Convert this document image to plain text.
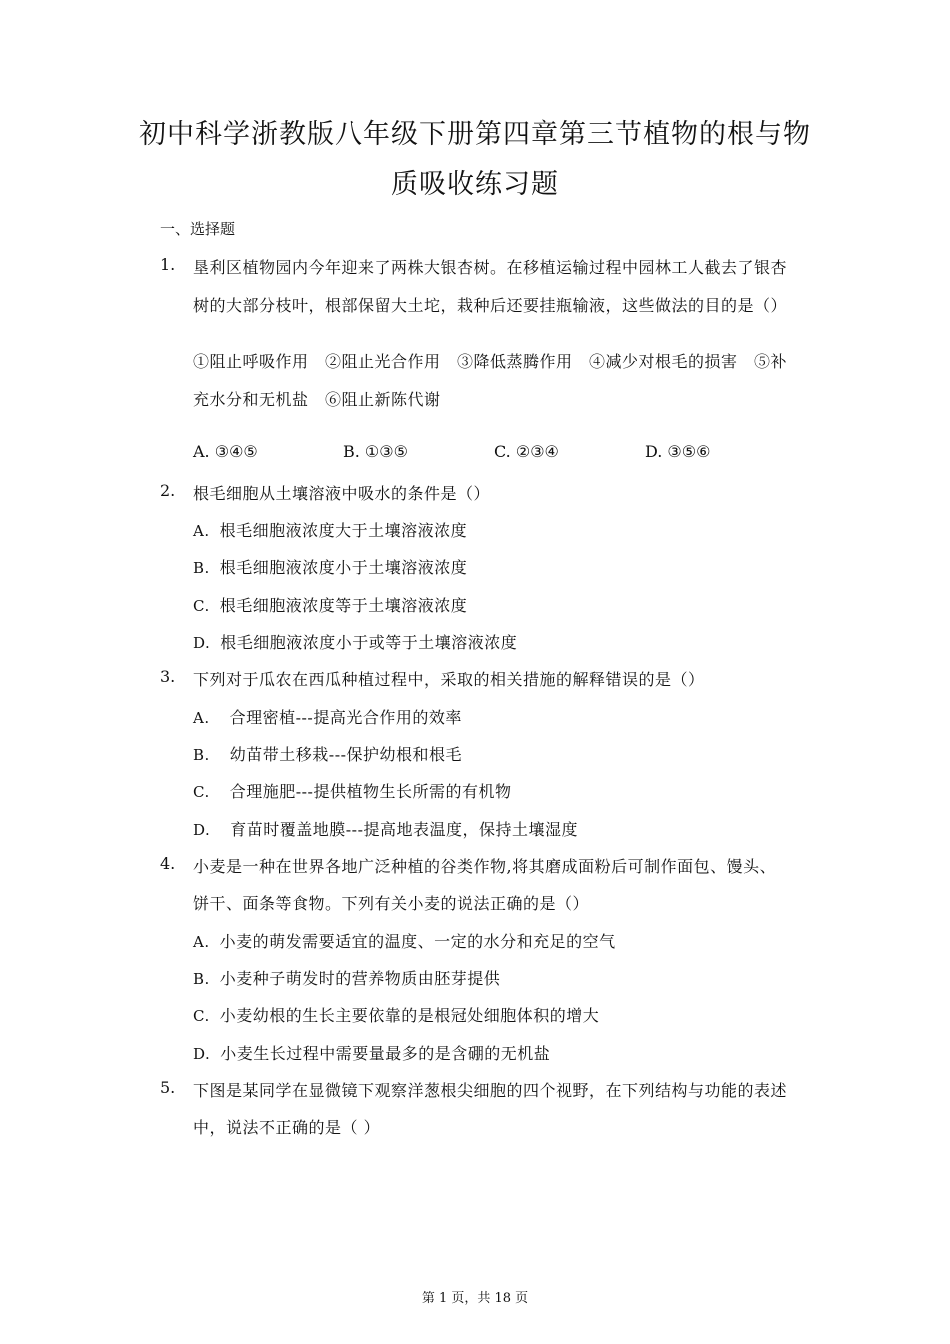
初中科学浙教版八年级下册第四章第三节植物的根与物
质吸收练习题
一、选择题
1. 垦利区植物园内今年迎来了两株大银杏树。在移植运输过程中园林工人截去了银杏
树的大部分枝叶，根部保留大土坨，栽种后还要挂瓶输液，这些做法的目的是（）
①阻止呼吸作用　②阻止光合作用　③降低蒸腾作用　④减少对根毛的损害　⑤补
充水分和无机盐　⑥阻止新陈代谢
A. ③④⑤	B. ①③⑤	C. ②③④	D. ③⑤⑥
2. 根毛细胞从土壤溶液中吸水的条件是（）
A. 根毛细胞液浓度大于土壤溶液浓度
B. 根毛细胞液浓度小于土壤溶液浓度
C. 根毛细胞液浓度等于土壤溶液浓度
D. 根毛细胞液浓度小于或等于土壤溶液浓度
3. 下列对于瓜农在西瓜种植过程中，采取的相关措施的解释错误的是（）
A. 合理密植---提高光合作用的效率
B. 幼苗带土移栽---保护幼根和根毛
C. 合理施肥---提供植物生长所需的有机物
D. 育苗时覆盖地膜---提高地表温度，保持土壤湿度
4. 小麦是一种在世界各地广泛种植的谷类作物,将其磨成面粉后可制作面包、馒头、
饼干、面条等食物。下列有关小麦的说法正确的是（）
A. 小麦的萌发需要适宜的温度、一定的水分和充足的空气
B. 小麦种子萌发时的营养物质由胚芽提供
C. 小麦幼根的生长主要依靠的是根冠处细胞体积的增大
D. 小麦生长过程中需要量最多的是含硼的无机盐
5. 下图是某同学在显微镜下观察洋葱根尖细胞的四个视野，在下列结构与功能的表述
中，说法不正确的是（ ）
第 1 页，共 18 页
